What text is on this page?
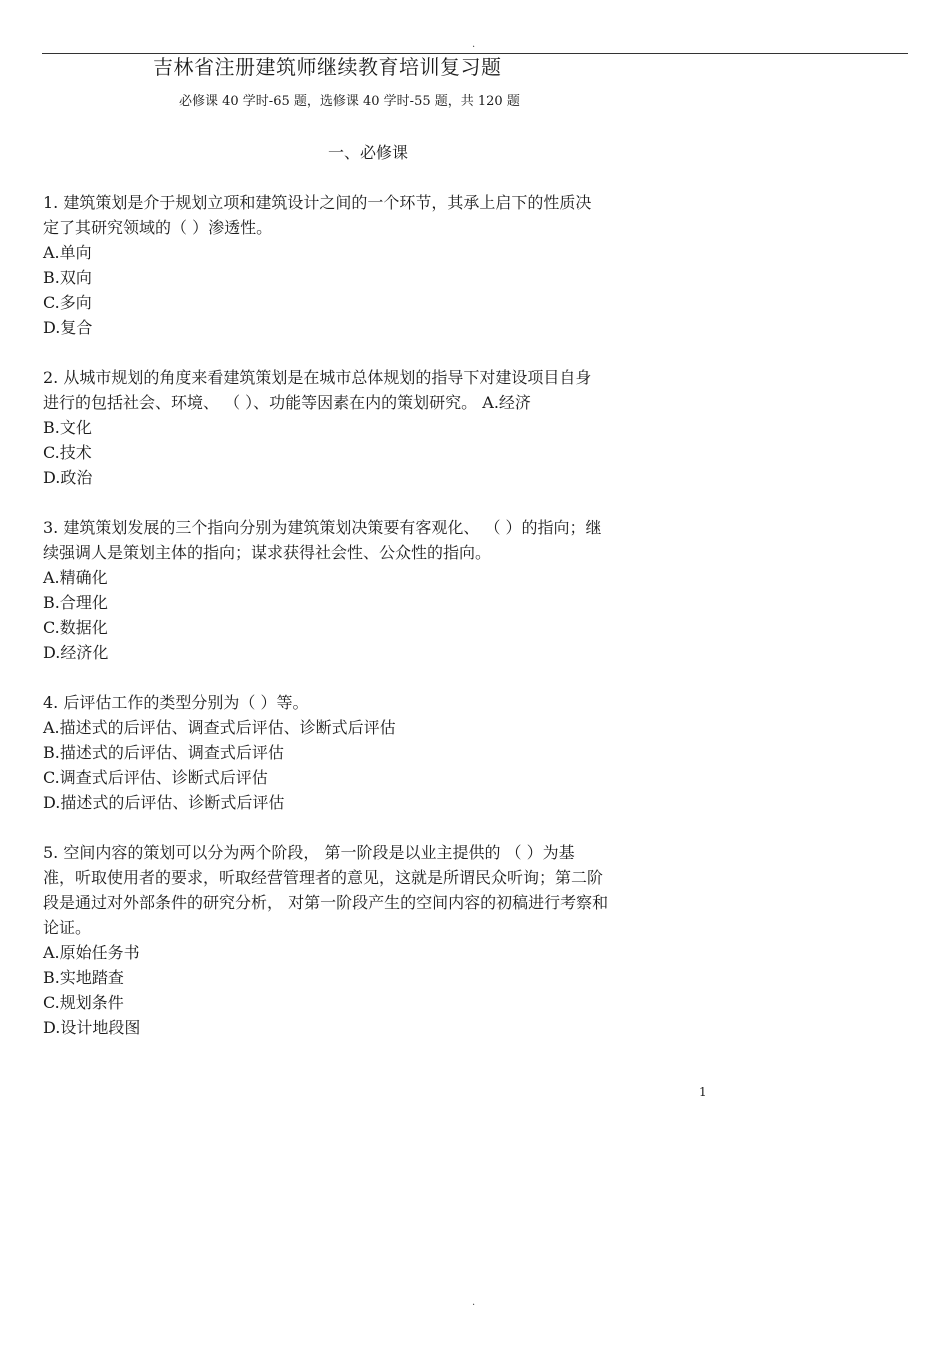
.
吉林省注册建筑师继续教育培训复习题
必修课 40 学时-65 题，选修课 40 学时-55 题，共 120 题
一、必修课
1. 建筑策划是介于规划立项和建筑设计之间的一个环节，其承上启下的性质决
定了其研究领域的（ ）渗透性。
A.单向
B.双向
C.多向
D.复合
2. 从城市规划的角度来看建筑策划是在城市总体规划的指导下对建设项目自身
进行的包括社会、环境、 （ ）、功能等因素在内的策划研究。 A.经济
B.文化
C.技术
D.政治
3. 建筑策划发展的三个指向分别为建筑策划决策要有客观化、 （ ）的指向；继
续强调人是策划主体的指向；谋求获得社会性、公众性的指向。
A.精确化
B.合理化
C.数据化
D.经济化
4. 后评估工作的类型分别为（ ）等。
A.描述式的后评估、调查式后评估、诊断式后评估
B.描述式的后评估、调查式后评估
C.调查式后评估、诊断式后评估
D.描述式的后评估、诊断式后评估
5. 空间内容的策划可以分为两个阶段， 第一阶段是以业主提供的 （ ）为基
准，听取使用者的要求，听取经营管理者的意见，这就是所谓民众听询；第二阶
段是通过对外部条件的研究分析， 对第一阶段产生的空间内容的初稿进行考察和
论证。
A.原始任务书
B.实地踏查
C.规划条件
D.设计地段图
1
.
